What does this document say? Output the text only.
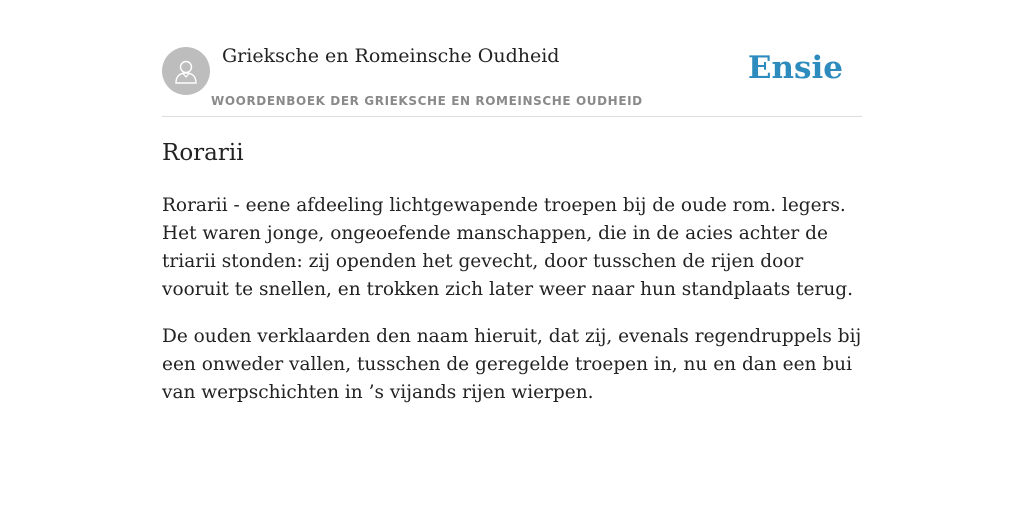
Grieksche en Romeinsche Oudheid
WOORDENBOEK DER GRIEKSCHE EN ROMEINSCHE OUDHEID
Ensie
Rorarii

Rorarii - eene afdeeling lichtgewapende troepen bij de oude rom. legers. Het waren jonge, ongeoefende manschappen, die in de acies achter de triarii stonden: zij openden het gevecht, door tusschen de rijen door vooruit te snellen, en trokken zich later weer naar hun standplaats terug.

De ouden verklaarden den naam hieruit, dat zij, evenals regendruppels bij een onweder vallen, tusschen de geregelde troepen in, nu en dan een bui van werpschichten in ’s vijands rijen wierpen.
